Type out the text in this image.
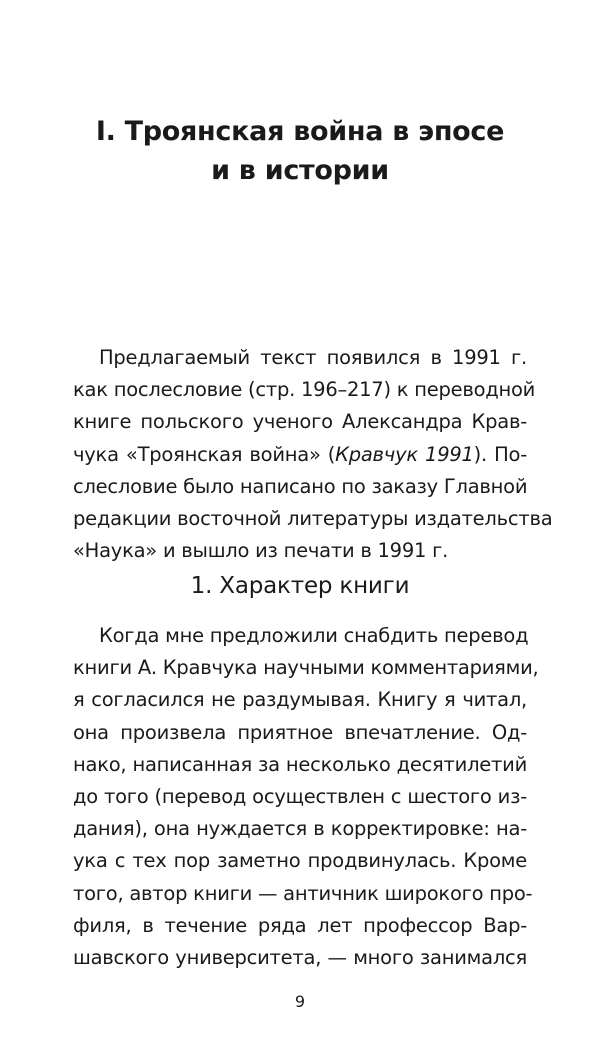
I. Троянская война в эпосе
и в истории
Предлагаемый текст появился в 1991 г.
как послесловие (стр. 196–217) к переводной
книге польского ученого Александра Крав-
чука «Троянская война» (Кравчук 1991). По-
слесловие было написано по заказу Главной
редакции восточной литературы издательства
«Наука» и вышло из печати в 1991 г.
1. Характер книги
Когда мне предложили снабдить перевод
книги А. Кравчука научными комментариями,
я согласился не раздумывая. Книгу я читал,
она произвела приятное впечатление. Од-
нако, написанная за несколько десятилетий
до того (перевод осуществлен с шестого из-
дания), она нуждается в корректировке: на-
ука с тех пор заметно продвинулась. Кроме
того, автор книги — античник широкого про-
филя, в течение ряда лет профессор Вар-
шавского университета, — много занимался
9
